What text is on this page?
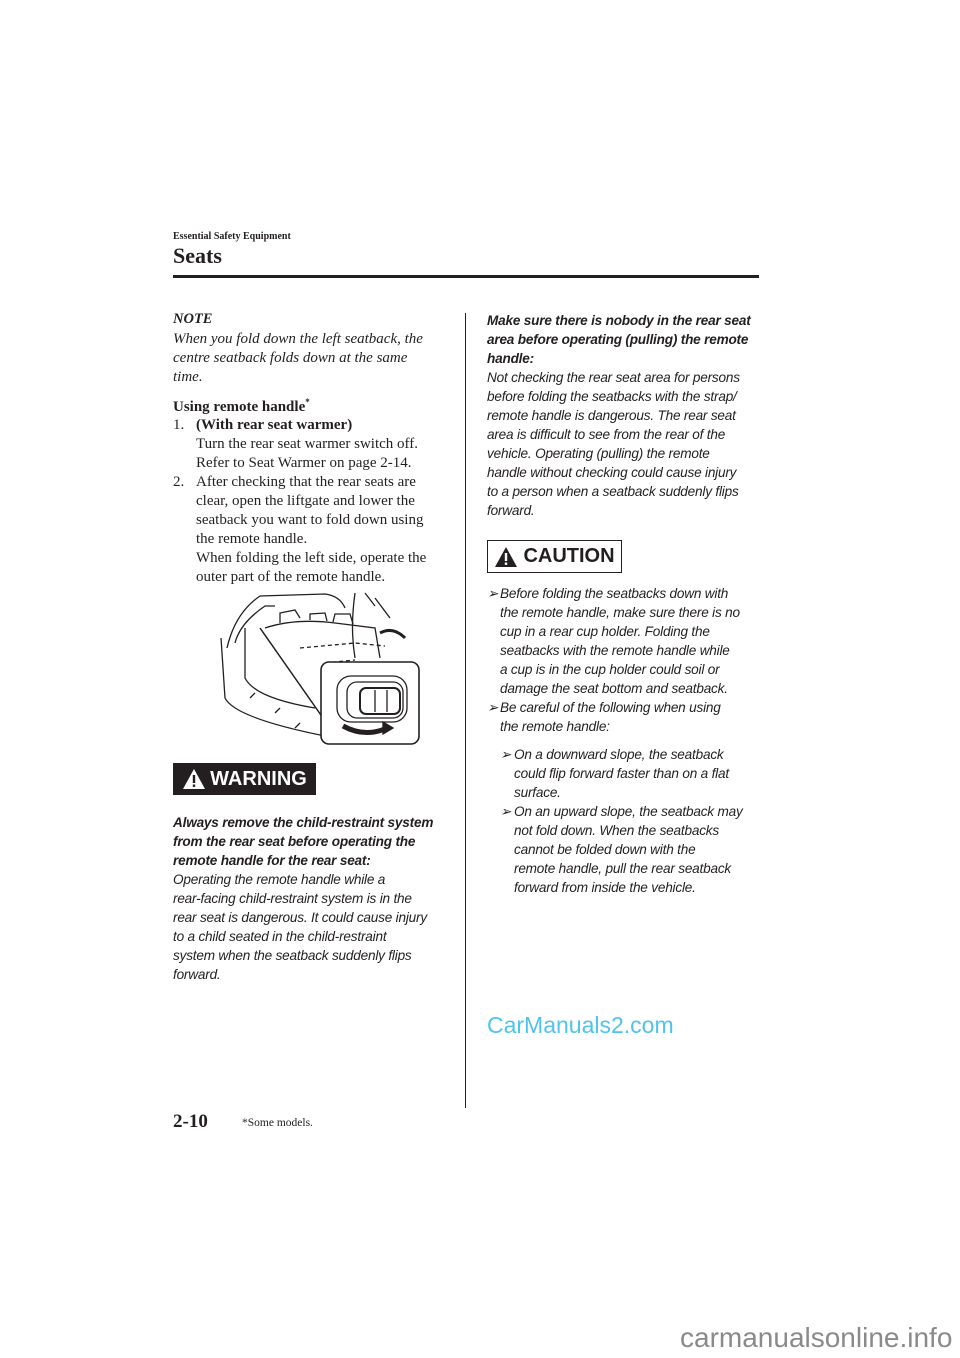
Essential Safety Equipment
Seats
NOTE
When you fold down the left seatback, the
centre seatback folds down at the same
time.
Using remote handle*
1. (With rear seat warmer)
Turn the rear seat warmer switch off.
Refer to Seat Warmer on page 2-14.
2. After checking that the rear seats are
clear, open the liftgate and lower the
seatback you want to fold down using
the remote handle.
When folding the left side, operate the
outer part of the remote handle.
WARNING
Always remove the child-restraint system
from the rear seat before operating the
remote handle for the rear seat:
Operating the remote handle while a
rear-facing child-restraint system is in the
rear seat is dangerous. It could cause injury
to a child seated in the child-restraint
system when the seatback suddenly flips
forward.
Make sure there is nobody in the rear seat
area before operating (pulling) the remote
handle:
Not checking the rear seat area for persons
before folding the seatbacks with the strap/
remote handle is dangerous. The rear seat
area is difficult to see from the rear of the
vehicle. Operating (pulling) the remote
handle without checking could cause injury
to a person when a seatback suddenly flips
forward.
CAUTION
➢ Before folding the seatbacks down with
the remote handle, make sure there is no
cup in a rear cup holder. Folding the
seatbacks with the remote handle while
a cup is in the cup holder could soil or
damage the seat bottom and seatback.
➢ Be careful of the following when using
the remote handle:
➢ On a downward slope, the seatback
could flip forward faster than on a flat
surface.
➢ On an upward slope, the seatback may
not fold down. When the seatbacks
cannot be folded down with the
remote handle, pull the rear seatback
forward from inside the vehicle.
CarManuals2.com
2-10	*Some models.
carmanualsonline.info
